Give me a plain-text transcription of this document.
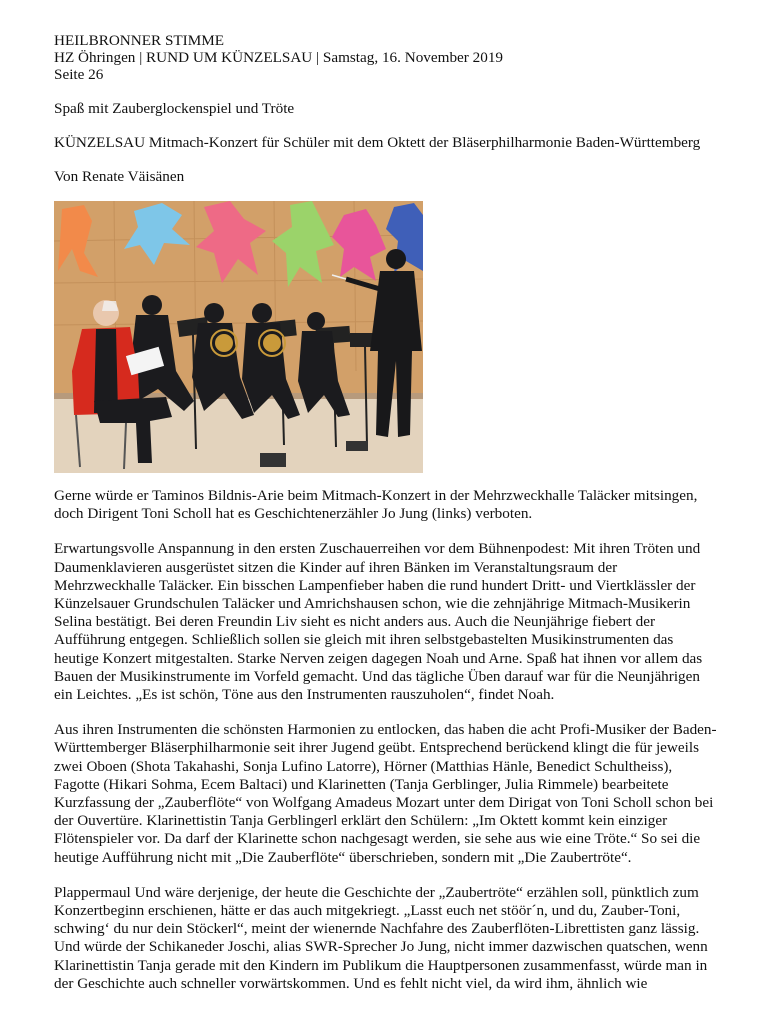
HEILBRONNER STIMME
HZ Öhringen | RUND UM KÜNZELSAU | Samstag, 16. November 2019
Seite 26
Spaß mit Zauberglockenspiel und Tröte
KÜNZELSAU Mitmach-Konzert für Schüler mit dem Oktett der Bläserphilharmonie Baden-Württemberg
Von Renate Väisänen
Gerne würde er Taminos Bildnis-Arie beim Mitmach-Konzert in der Mehrzweckhalle Taläcker mitsingen, doch Dirigent Toni Scholl hat es Geschichtenerzähler Jo Jung (links) verboten.
Erwartungsvolle Anspannung in den ersten Zuschauerreihen vor dem Bühnenpodest: Mit ihren Tröten und Daumenklavieren ausgerüstet sitzen die Kinder auf ihren Bänken im Veranstaltungsraum der Mehrzweckhalle Taläcker. Ein bisschen Lampenfieber haben die rund hundert Dritt- und Viertklässler der Künzelsauer Grundschulen Taläcker und Amrichshausen schon, wie die zehnjährige Mitmach-Musikerin Selina bestätigt. Bei deren Freundin Liv sieht es nicht anders aus. Auch die Neunjährige fiebert der Aufführung entgegen. Schließlich sollen sie gleich mit ihren selbstgebastelten Musikinstrumenten das heutige Konzert mitgestalten. Starke Nerven zeigen dagegen Noah und Arne. Spaß hat ihnen vor allem das Bauen der Musikinstrumente im Vorfeld gemacht. Und das tägliche Üben darauf war für die Neunjährigen ein Leichtes. „Es ist schön, Töne aus den Instrumenten rauszuholen“, findet Noah.
Aus ihren Instrumenten die schönsten Harmonien zu entlocken, das haben die acht Profi-Musiker der Baden-Württemberger Bläserphilharmonie seit ihrer Jugend geübt. Entsprechend berückend klingt die für jeweils zwei Oboen (Shota Takahashi, Sonja Lufino Latorre), Hörner (Matthias Hänle, Benedict Schultheiss), Fagotte (Hikari Sohma, Ecem Baltaci) und Klarinetten (Tanja Gerblinger, Julia Rimmele) bearbeitete Kurzfassung der „Zauberflöte“ von Wolfgang Amadeus Mozart unter dem Dirigat von Toni Scholl schon bei der Ouvertüre. Klarinettistin Tanja Gerblingerl erklärt den Schülern: „Im Oktett kommt kein einziger Flötenspieler vor. Da darf der Klarinette schon nachgesagt werden, sie sehe aus wie eine Tröte.“ So sei die heutige Aufführung nicht mit „Die Zauberflöte“ überschrieben, sondern mit „Die Zaubertröte“.
Plappermaul Und wäre derjenige, der heute die Geschichte der „Zaubertröte“ erzählen soll, pünktlich zum Konzertbeginn erschienen, hätte er das auch mitgekriegt. „Lasst euch net stöör´n, und du, Zauber-Toni, schwing‘ du nur dein Stöckerl“, meint der wienernde Nachfahre des Zauberflöten-Librettisten ganz lässig. Und würde der Schikaneder Joschi, alias SWR-Sprecher Jo Jung, nicht immer dazwischen quatschen, wenn Klarinettistin Tanja gerade mit den Kindern im Publikum die Hauptpersonen zusammenfasst, würde man in der Geschichte auch schneller vorwärtskommen. Und es fehlt nicht viel, da wird ihm, ähnlich wie
